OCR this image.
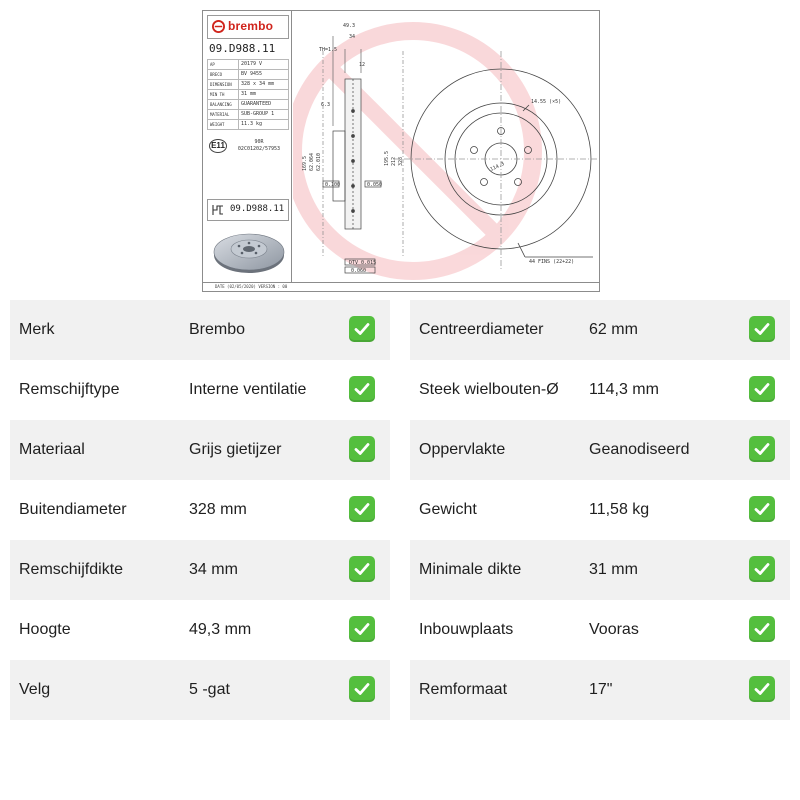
brembo
09.D988.11
AP	20179 V
BRECO	BV 9455
DIMENSION	328 x 34 mm
MIN TH	31 mm
BALANCING	GUARANTEED
MATERIAL	SUB-GROUP 1
WEIGHT	11.3 kg
E11	90R
02C01202/57953
09.D988.11
49.3
34
TH=1.5
12
6.3
169.5 62.064 62.010	195.5 212 328
0.100	0.050
DTV 0.015
0.060
14.55 (×5)
114.3
44 FINS (22+22)
DATE (02/05/2020) VERSION : 00
Merk	Brembo
Remschijftype	Interne ventilatie
Materiaal	Grijs gietijzer
Buitendiameter	328 mm
Remschijfdikte	34 mm
Hoogte	49,3 mm
Velg	5 -gat
Centreerdiameter	62 mm
Steek wielbouten-Ø 114,3 mm
Oppervlakte	Geanodiseerd
Gewicht	11,58 kg
Minimale dikte	31 mm
Inbouwplaats	Vooras
Remformaat	17"
